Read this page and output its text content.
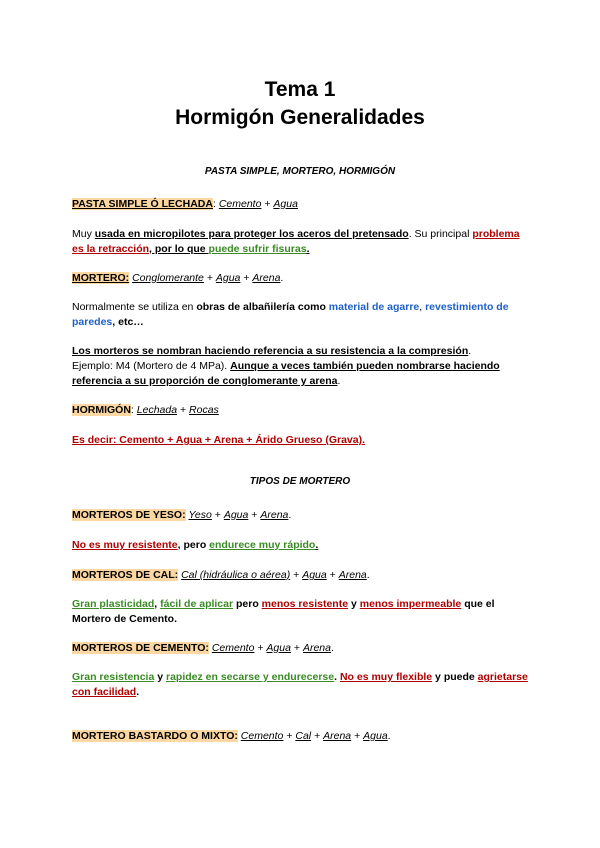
Tema 1
Hormigón Generalidades
PASTA SIMPLE, MORTERO, HORMIGÓN
PASTA SIMPLE Ó LECHADA: Cemento + Agua
Muy usada en micropilotes para proteger los aceros del pretensado. Su principal problema es la retracción, por lo que puede sufrir fisuras.
MORTERO: Conglomerante + Agua + Arena.
Normalmente se utiliza en obras de albañilería como material de agarre, revestimiento de paredes, etc…
Los morteros se nombran haciendo referencia a su resistencia a la compresión.
Ejemplo: M4 (Mortero de 4 MPa). Aunque a veces también pueden nombrarse haciendo referencia a su proporción de conglomerante y arena.
HORMIGÓN: Lechada + Rocas
Es decir: Cemento + Agua + Arena + Árido Grueso (Grava).
TIPOS DE MORTERO
MORTEROS DE YESO: Yeso + Agua + Arena.
No es muy resistente, pero endurece muy rápido.
MORTEROS DE CAL: Cal (hidráulica o aérea) + Agua + Arena.
Gran plasticidad, fácil de aplicar pero menos resistente y menos impermeable que el Mortero de Cemento.
MORTEROS DE CEMENTO: Cemento + Agua + Arena.
Gran resistencia y rapidez en secarse y endurecerse. No es muy flexible y puede agrietarse con facilidad.
MORTERO BASTARDO O MIXTO: Cemento + Cal + Arena + Agua.
